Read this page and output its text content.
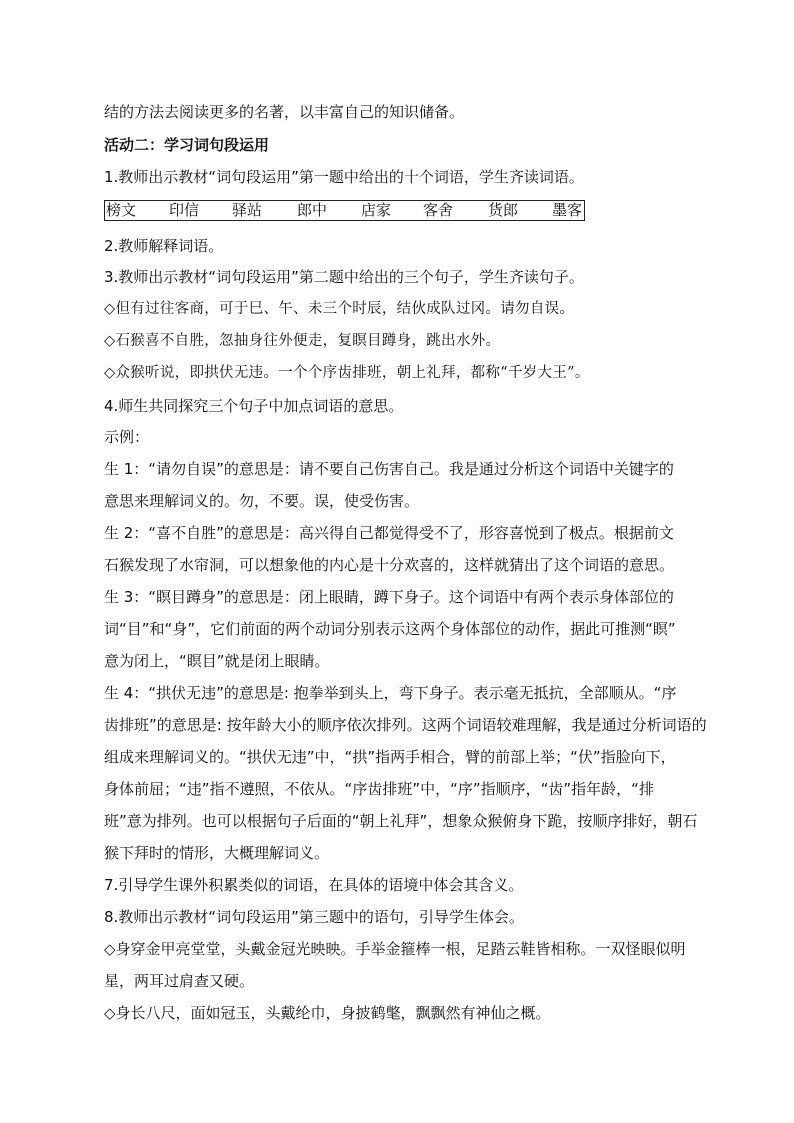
结的方法去阅读更多的名著，以丰富自己的知识储备。
活动二：学习词句段运用
1.教师出示教材“词句段运用”第一题中给出的十个词语，学生齐读词语。
榜文 印信 驿站 郎中 店家 客舍 货郎 墨客
2.教师解释词语。
3.教师出示教材“词句段运用”第二题中给出的三个句子，学生齐读句子。
◇但有过往客商，可于巳、午、未三个时辰，结伙成队过冈。请勿自误。
◇石猴喜不自胜，忽抽身往外便走，复瞑目蹲身，跳出水外。
◇众猴听说，即拱伏无违。一个个序齿排班，朝上礼拜，都称“千岁大王”。
4.师生共同探究三个句子中加点词语的意思。
示例：
生 1：“请勿自误”的意思是：请不要自己伤害自己。我是通过分析这个词语中关键字的
意思来理解词义的。勿，不要。误，使受伤害。
生 2：“喜不自胜”的意思是：高兴得自己都觉得受不了，形容喜悦到了极点。根据前文
石猴发现了水帘洞，可以想象他的内心是十分欢喜的，这样就猜出了这个词语的意思。
生 3：“瞑目蹲身”的意思是：闭上眼睛，蹲下身子。这个词语中有两个表示身体部位的
词“目”和“身”，它们前面的两个动词分别表示这两个身体部位的动作，据此可推测“瞑”
意为闭上，“瞑目”就是闭上眼睛。
生 4：“拱伏无违”的意思是: 抱拳举到头上，弯下身子。表示毫无抵抗，全部顺从。“序
齿排班”的意思是: 按年龄大小的顺序依次排列。这两个词语较难理解，我是通过分析词语的
组成来理解词义的。“拱伏无违”中，“拱”指两手相合，臂的前部上举；“伏”指脸向下，
身体前屈；“违”指不遵照，不依从。“序齿排班”中，“序”指顺序，“齿”指年龄，“排
班”意为排列。也可以根据句子后面的“朝上礼拜”，想象众猴俯身下跪，按顺序排好，朝石
猴下拜时的情形，大概理解词义。
7.引导学生课外积累类似的词语，在具体的语境中体会其含义。
8.教师出示教材“词句段运用”第三题中的语句，引导学生体会。
◇身穿金甲亮堂堂，头戴金冠光映映。手举金箍棒一根，足踏云鞋皆相称。一双怪眼似明
星，两耳过肩查又硬。
◇身长八尺，面如冠玉，头戴纶巾，身披鹤氅，飘飘然有神仙之概。
